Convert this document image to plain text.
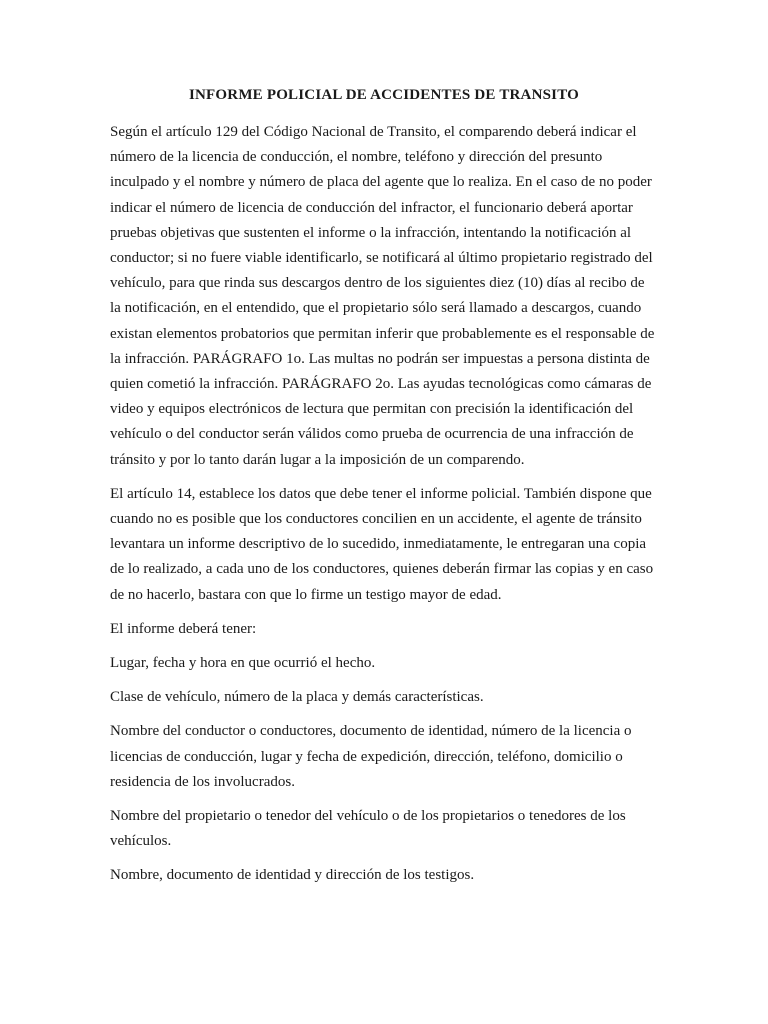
INFORME POLICIAL DE ACCIDENTES DE TRANSITO

Según el artículo 129 del Código Nacional de Transito, el comparendo deberá indicar el número de la licencia de conducción, el nombre, teléfono y dirección del presunto inculpado y el nombre y número de placa del agente que lo realiza. En el caso de no poder indicar el número de licencia de conducción del infractor, el funcionario deberá aportar pruebas objetivas que sustenten el informe o la infracción, intentando la notificación al conductor; si no fuere viable identificarlo, se notificará al último propietario registrado del vehículo, para que rinda sus descargos dentro de los siguientes diez (10) días al recibo de la notificación, en el entendido, que el propietario sólo será llamado a descargos, cuando existan elementos probatorios que permitan inferir que probablemente es el responsable de la infracción. PARÁGRAFO 1o. Las multas no podrán ser impuestas a persona distinta de quien cometió la infracción. PARÁGRAFO 2o. Las ayudas tecnológicas como cámaras de video y equipos electrónicos de lectura que permitan con precisión la identificación del vehículo o del conductor serán válidos como prueba de ocurrencia de una infracción de tránsito y por lo tanto darán lugar a la imposición de un comparendo.

El artículo 14, establece los datos que debe tener el informe policial. También dispone que cuando no es posible que los conductores concilien en un accidente, el agente de tránsito levantara un informe descriptivo de lo sucedido, inmediatamente, le entregaran una copia de lo realizado, a cada uno de los conductores, quienes deberán firmar las copias y en caso de no hacerlo, bastara con que lo firme un testigo mayor de edad.

El informe deberá tener:

Lugar, fecha y hora en que ocurrió el hecho.

Clase de vehículo, número de la placa y demás características.

Nombre del conductor o conductores, documento de identidad, número de la licencia o licencias de conducción, lugar y fecha de expedición, dirección, teléfono, domicilio o residencia de los involucrados.

Nombre del propietario o tenedor del vehículo o de los propietarios o tenedores de los vehículos.

Nombre, documento de identidad y dirección de los testigos.
